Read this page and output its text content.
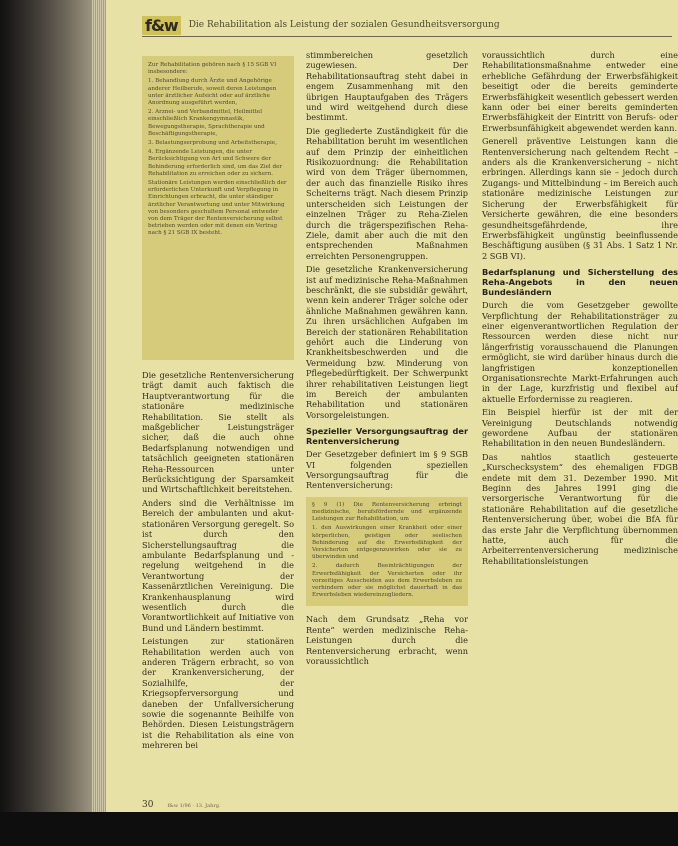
f&w	Die Rehabilitation als Leistung der sozialen Gesundheitsversorgung

Zur Rehabilitation gehören nach § 15 SGB VI insbesondere:

1. Behandlung durch Ärzte und Angehörige anderer Heilberufe, soweit deren Leistungen unter ärztlicher Aufsicht oder auf ärztliche Anordnung ausgeführt werden,

2. Arznei- und Verbandmittel, Heilmittel einschließlich Krankengymnastik, Bewegungstherapie, Sprachtherapie und Beschäftigungstherapie,

3. Belastungserprobung und Arbeitstherapie,

4. Ergänzende Leistungen, die unter Berücksichtigung von Art und Schwere der Behinderung erforderlich sind, um das Ziel der Rehabilitation zu erreichen oder zu sichern.

Stationäre Leistungen werden einschließlich der erforderlichen Unterkunft und Verpflegung in Einrichtungen erbracht, die unter ständiger ärztlicher Verantwortung und unter Mitwirkung von besonders geschultem Personal entweder von dem Träger der Rentenversicherung selbst betrieben werden oder mit denen ein Vertrag nach § 21 SGB IX besteht.

Die gesetzliche Rentenversicherung trägt damit auch faktisch die Hauptverantwortung für die stationäre medizinische Rehabilitation. Sie stellt als maßgeblicher Leistungsträger sicher, daß die auch ohne Bedarfsplanung notwendigen und tatsächlich geeigneten stationären Reha-Ressourcen unter Berücksichtigung der Sparsamkeit und Wirtschaftlichkeit bereitstehen.

Anders sind die Verhältnisse im Bereich der ambulanten und akut-stationären Versorgung geregelt. So ist durch den Sicherstellungsauftrag die ambulante Bedarfsplanung und -regelung weitgehend in die Verantwortung der Kassenärztlichen Vereinigung. Die Krankenhausplanung wird wesentlich durch die Vorantwortlichkeit auf Initiative von Bund und Ländern bestimmt.

Leistungen zur stationären Rehabilitation werden auch von anderen Trägern erbracht, so von der Krankenversicherung, der Sozialhilfe, der Kriegsopferversorgung und daneben der Unfallversicherung sowie die sogenannte Beihilfe von Behörden. Diesen Leistungsträgern ist die Rehabilitation als eine von mehreren bei

stimmbereichen gesetzlich zugewiesen. Der Rehabilitationsauftrag steht dabei in engem Zusammenhang mit den übrigen Hauptaufgaben des Trägers und wird weitgehend durch diese bestimmt.

Die gegliederte Zuständigkeit für die Rehabilitation beruht im wesentlichen auf dem Prinzip der einheitlichen Risikozuordnung: die Rehabilitation wird von dem Träger übernommen, der auch das finanzielle Risiko ihres Scheiterns trägt. Nach diesem Prinzip unterscheiden sich Leistungen der einzelnen Träger zu Reha-Zielen durch die trägerspezifischen Reha-Ziele, damit aber auch die mit den entsprechenden Maßnahmen erreichten Personengruppen.

Die gesetzliche Krankenversicherung ist auf medizinische Reha-Maßnahmen beschränkt, die sie subsidiär gewährt, wenn kein anderer Träger solche oder ähnliche Maßnahmen gewähren kann. Zu ihren ursächlichen Aufgaben im Bereich der stationären Rehabilitation gehört auch die Linderung von Krankheitsbeschwerden und die Vermeidung bzw. Minderung von Pflegebedürftigkeit. Der Schwerpunkt ihrer rehabilitativen Leistungen liegt im Bereich der ambulanten Rehabilitation und stationären Vorsorgeleistungen.

Spezieller Versorgungsauftrag der Rentenversicherung

Der Gesetzgeber definiert im § 9 SGB VI folgenden speziellen Versorgungsauftrag für die Rentenversicherung:

§ 9 (1) Die Rentenversicherung erbringt medizinische, berufsfördernde und ergänzende Leistungen zur Rehabilitation, um

1. den Auswirkungen einer Krankheit oder einer körperlichen, geistigen oder seelischen Behinderung auf die Erwerbsfähigkeit der Versicherten entgegenzuwirken oder sie zu überwinden und

2. dadurch Beeinträchtigungen der Erwerbsfähigkeit der Versicherten oder ihr vorzeitiges Ausscheiden aus dem Erwerbsleben zu verhindern oder sie möglichst dauerhaft in das Erwerbsleben wiedereinzugliedern.

Nach dem Grundsatz „Reha vor Rente“ werden medizinische Reha-Leistungen durch die Rentenversicherung erbracht, wenn voraussichtlich

voraussichtlich durch eine Rehabilitationsmaßnahme entweder eine erhebliche Gefährdung der Erwerbsfähigkeit beseitigt oder die bereits geminderte Erwerbsfähigkeit wesentlich gebessert werden kann oder bei einer bereits geminderten Erwerbsfähigkeit der Eintritt von Berufs- oder Erwerbsunfähigkeit abgewendet werden kann.

Generell präventive Leistungen kann die Rentenversicherung nach geltendem Recht – anders als die Krankenversicherung – nicht erbringen. Allerdings kann sie – jedoch durch Zugangs- und Mittelbindung – im Bereich auch stationäre medizinische Leistungen zur Sicherung der Erwerbsfähigkeit für Versicherte gewähren, die eine besonders gesundheitsgefährdende, ihre Erwerbsfähigkeit ungünstig beeinflussende Beschäftigung ausüben (§ 31 Abs. 1 Satz 1 Nr. 2 SGB VI).

Bedarfsplanung und Sicherstellung des Reha-Angebots in den neuen Bundesländern

Durch die vom Gesetzgeber gewollte Verpflichtung der Rehabilitationsträger zu einer eigenverantwortlichen Regulation der Ressourcen werden diese nicht nur längerfristig vorausschauend die Planungen ermöglicht, sie wird darüber hinaus durch die langfristigen konzeptionellen Organisationsrechte Markt-Erfahrungen auch in der Lage, kurzfristig und flexibel auf aktuelle Erfordernisse zu reagieren.

Ein Beispiel hierfür ist der mit der Vereinigung Deutschlands notwendig gewordene Aufbau der stationären Rehabilitation in den neuen Bundesländern.

Das nahtlos staatlich gesteuerte „Kurschecksystem“ des ehemaligen FDGB endete mit dem 31. Dezember 1990. Mit Beginn des Jahres 1991 ging die versorgerische Verantwortung für die stationäre Rehabilitation auf die gesetzliche Rentenversicherung über, wobei die BfA für das erste Jahr die Verpflichtung übernommen hatte, auch für die Arbeiterrentenversicherung medizinische Rehabilitationsleistungen

30	f&w 1/96 · 13. Jahrg.
